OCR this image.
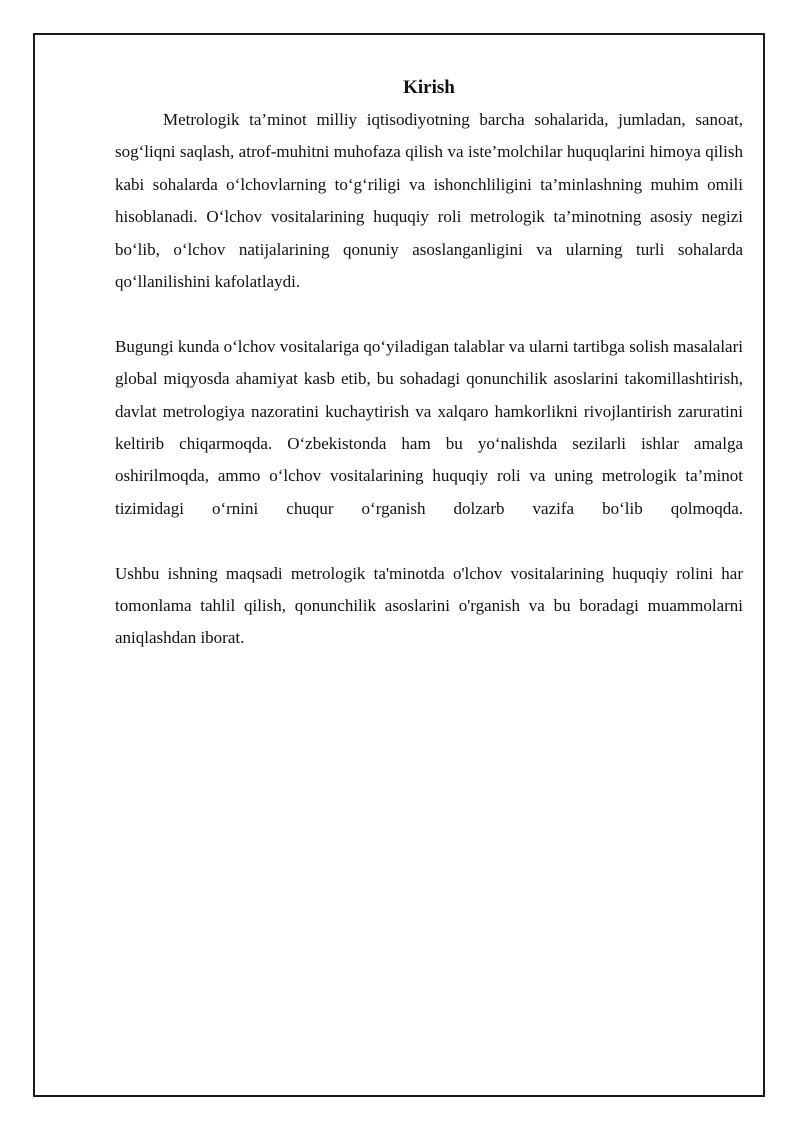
Kirish

Metrologik ta’minot milliy iqtisodiyotning barcha sohalarida, jumladan, sanoat, sog‘liqni saqlash, atrof-muhitni muhofaza qilish va iste’molchilar huquqlarini himoya qilish kabi sohalarda o‘lchovlarning to‘g‘riligi va ishonchliligini ta’minlashning muhim omili hisoblanadi. O‘lchov vositalarining huquqiy roli metrologik ta’minotning asosiy negizi bo‘lib, o‘lchov natijalarining qonuniy asoslanganligini va ularning turli sohalarda qo‘llanilishini kafolatlaydi.

Bugungi kunda o‘lchov vositalariga qo‘yiladigan talablar va ularni tartibga solish masalalari global miqyosda ahamiyat kasb etib, bu sohadagi qonunchilik asoslarini takomillashtirish, davlat metrologiya nazoratini kuchaytirish va xalqaro hamkorlikni rivojlantirish zaruratini keltirib chiqarmoqda. O‘zbekistonda ham bu yo‘nalishda sezilarli ishlar amalga oshirilmoqda, ammo o‘lchov vositalarining huquqiy roli va uning metrologik ta’minot tizimidagi o‘rnini chuqur o‘rganish dolzarb vazifa bo‘lib qolmoqda.

Ushbu ishning maqsadi metrologik ta'minotda o'lchov vositalarining huquqiy rolini har tomonlama tahlil qilish, qonunchilik asoslarini o'rganish va bu boradagi muammolarni aniqlashdan iborat.
